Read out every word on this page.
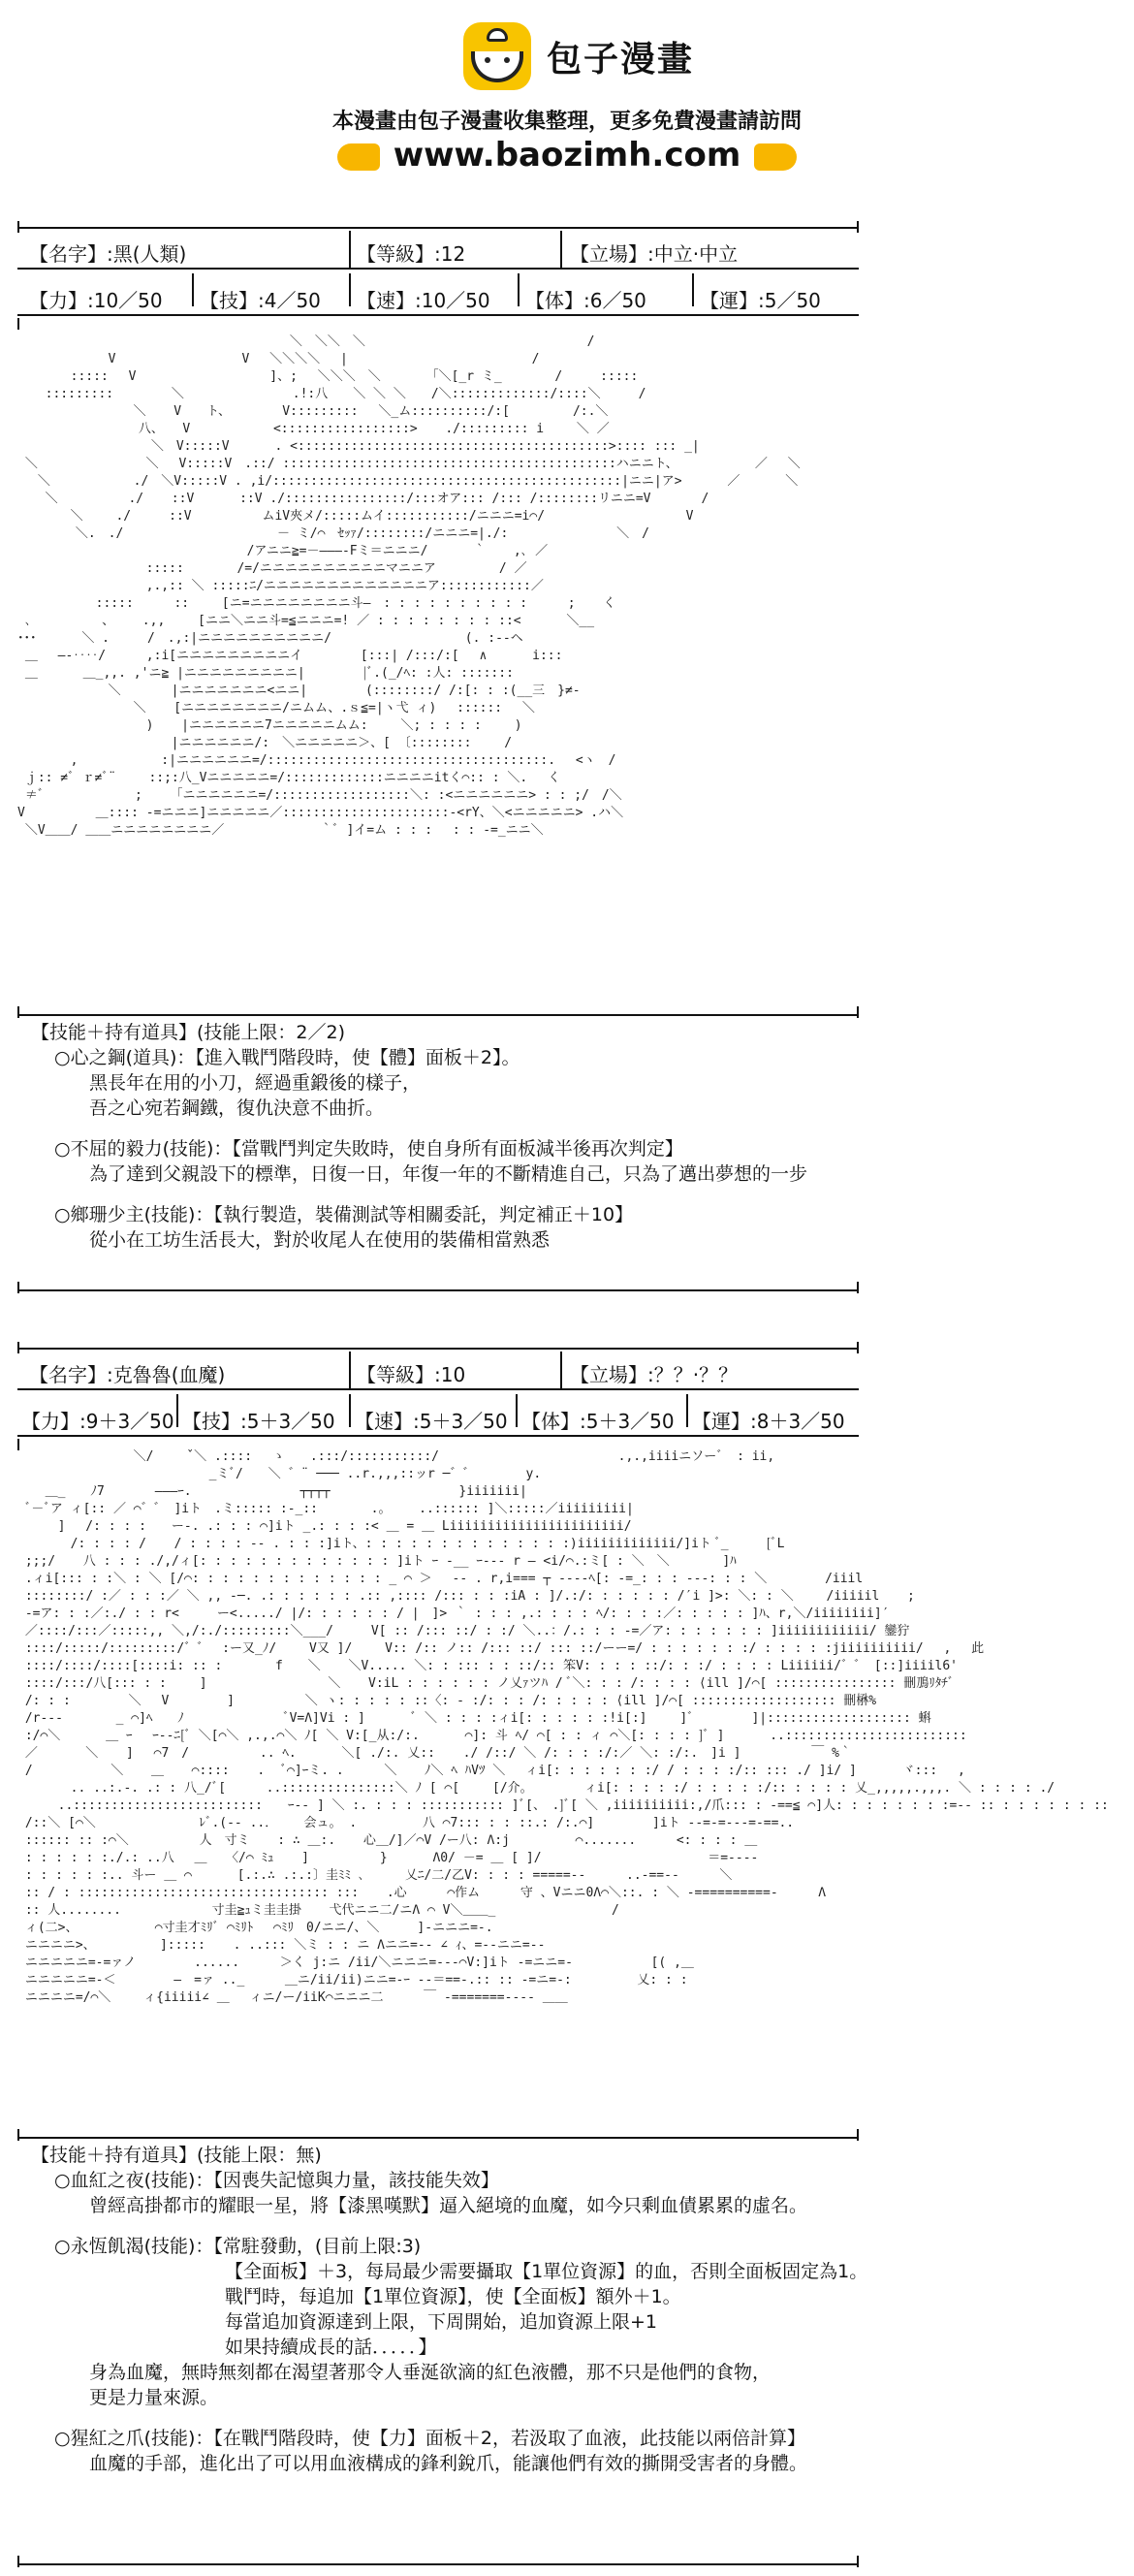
包子漫畫
本漫畫由包子漫畫收集整理，更多免費漫畫請訪問
www.baozimh.com
【名字】:黑(人類)	【等級】:12	【立場】:中立·中立
【力】:10／50 【技】:4／50 【速】:10／50 【体】:6／50	【運】:5／50
　　　　　　　　　　　　　　　　　　　　　＼　＼＼　＼　　　　　　　　　　　　　　　　　 /
　　　　　　 V　　　　　　　　　　V　 ＼＼＼＼　 |　　　　　　　　　　　　　　 /
　　　 ::::: 　V　　　　　　　　　　 ]、; 　＼＼＼　＼　　　 「＼[_r ミ_ 　　　 /　　　:::::
　 ::::::::: 　　　　＼　　　　　　　　 .!:八　　＼ ＼ ＼　　/＼:::::::::::::/::::＼　　　/
　　　　　　　　 ＼ 　 V　　ト、　　　　 V:::::::::　 ＼_ム::::::::::/:[　　　　　/:.＼
　　　　　　　　　八、　　V　　　　　　 <:::::::::::::::::> 　 ./::::::::: i　　 ＼ ／
　　　　　　　　　　＼　V:::::V　　　 . <:::::::::::::::::::::::::::::::::::::::::>:::: ::: _|
＼　　　　　　　　 ＼ 　V:::::V　.::/ ::::::::::::::::::::::::::::::::::::::::::::ハニニト、　　　　　　 ／ 　＼
　＼　　　　　　 ./　＼V:::::V . ,i/::::::::::::::::::::::::::::::::::::::::::::::|ニニ|ア>　　　 ／　　　 ＼
　 ＼　　　　　 ./ 　 ::V　　　 ::V ./::::::::::::::::/:::オア::: /::: /::::::::リニニ=V　　　　/
　　　 ＼　　 ./　　　::V　　　　　 ムiV夾メ/:::::ムイ:::::::::::/ニニニ=i⌒/ 　　　　　　　　　　 V
　　　　＼.　./ 　　　　　　　　　　 　－ ミ/⌒　ｾｯｧ/::::::::/ニニニ=|./:　　　　　　　　 ＼　/
　　　　　　　　　　　　　　　　　 /アニニ≧=－―――‐Fミ＝ニニニ/　　　 ｀ 　 ,､ ／
　　　　　　　　　 ::::: 　　　 /=/ニニニニニニニニニニマニニア　　　　　/ ／
　　　　　　　　　 ,.,:: ＼ :::::ﾆ/ニニニニニニニニニニニニニア::::::::::::／
　　　　　 ::::: 　　 ::　　 [ニ=ニニニニニニニニ斗―　: : : : : : : : : : 　　 ; 　 く
､　　　　　 、 　 .,,　　 [ニニ＼ニニ斗=≦ニニニ=! ／ : : : : : : : : ::<　　　 ＼__
･･･　　　 ＼ .　　　/　.,:|ニニニニニニニニニニ/　　　　　　　　　　 (. :‐-ヘ
＿　 ―-‥‥/ 　　 ,:i[ニニニニニニニニニイ　　　　 [:::| /:::/:[　 ∧　　　 i:::
＿　　　 ＿_,,. ,'ニ≧ |ニニニニニニニニニ|　　　　 |ﾞ.(_/ﾍ: :人: :::::::
　　　　　　 ＼　　　　|ニニニニニニニ<ニニ|　　　　 (::::::::/ /:[: : :(__三　}≠-
　　　　　　　　 ＼ 　 [ニニニニニニニニ/ニムム、.ｓ≦=|ヽ弋 ィ)　 ::::::　 ＼
　　　　　　　　　 ) 　 |ニニニニニニ7ニニニニニムム:　　 ＼; : : : :　　 )
　　　　　　　　　　　 |ニニニニニニ/:　＼ニニニニニ＞、[ 〔::::::::　　 /
　 　　,　　　　　　 :|ニニニニニニ=/:::::::::::::::::::::::::::::::::::::.　 <ヽ　/
ｊ:: ≠ﾞ ｒ≠ﾞ¨　　 ::;:八_Vニニニニニ=/:::::::::::::ニニニニitく⌒:: : ＼.　 く
≠ﾞ　 　　　　　 ; 　 「ニニニニニニ=/::::::::::::::::::＼: :<ニニニニニニ> : : ;/　/＼
V　　　　　 ＿:::: -=ニニニ]ニニニニニ／::::::::::::::::::::::‐<rY、＼<ニニニニニ> .ハ＼
＼V＿＿/ ＿＿ニニニニニニニニ／　　　　　　　 ｀ﾞ ]イ=ム : : :　 : : -=_ニニ＼
【技能＋持有道具】(技能上限：2／2)
○心之鋼(道具)：【進入戰鬥階段時，使【體】面板＋2】。
黑長年在用的小刀，經過重鍛後的樣子，
吾之心宛若鋼鐵，復仇決意不曲折。
○不屈的毅力(技能)：【當戰鬥判定失敗時，使自身所有面板減半後再次判定】
為了達到父親設下的標準，日復一日，年復一年的不斷精進自己，只為了邁出夢想的一步
○鄉珊少主(技能)：【執行製造，裝備測試等相關委託，判定補正＋10】
從小在工坊生活長大，對於收尾人在使用的裝備相當熟悉
【名字】:克魯魯(血魔)	【等級】:10	【立場】:？？·？？
【力】:9＋3／50 【技】:5＋3／50 【速】:5＋3／50 【体】:5＋3／50 【運】:8＋3／50
　　　　　　　　 ＼/　　 ˇ＼ .:::: 　ゝ　　.:::/:::::::::::/ 　　　　　　　　　　　　　 .,.,iiiiニソー゛ : ii,
　　　　　　　　　　　　　　 _ミﾞ/　　＼ ゛¨ ─── ..r.,,,::ッr ─゛゛　　　　y.
　 ＿_　　ﾉ7　　　　―――ｰ.　　　　　　　　 ┬┬┬┬ 　　　　　　　　　 }iiiiiii|
ﾞ－ﾞア ィ[:: ／ ⌒゛゛ ]iト　.ミ::::: :-_:: 　　　 .。 　 ..:::::: ]＼:::::／iiiiiiiii|
　　 ]　 /: : : :　　ー-. .: : : ⌒]iト _.: : : :< ＿ = ＿ Liiiiiiiiiiiiiiiiiiiiiii/
　　　 /: : : : / 　 / : : : : -- . : : :]iト、: : : : : : : : : : : : : :)iiiiiiiiiiiii/]iト ﾞ_　　　[ﾞL
;;;/ 　 八 : : : ./,/ィ[: : : : : : : : : : : : : ]iト ｰ ‐__ ｰ--- r ― <i/⌒.:ミ[ : ＼　＼ 　　　 ]ﾊ
.ィi[::: : :＼ : ＼ [/⌒: : : : : : : : : : : : : _ ⌒ ＞ 　-- . r,i=== ┬ ---‐ﾍ[: -=_: : : ---: : : ＼　　　　 /iiil
::::::::/ :／ : : :／ ＼ ,, -─. .: : : : : : .:: ,:::: /::: : : :iA : ]/.:/: : : : : : /′i ]>: ＼: : ＼　　 /iiiiil 　 ;
-=ア: : :／:./ : : r<　　　ー<...../ |/: : : : : : / |　]> ｀ : : : ,.: : : : ﾍ/: : : :／: : : : : ]ﾊ、r,＼/iiiiiiii]′
／::::/:::／:::::,, ＼,/:./:::::::::＼___/　　　V[ :: /::: ::/ : :/ ＼..：/.: : : -=／ア: : : : : : : ]iiiiiiiiiiii/ 鑾狞
::::/:::::/:::::::::/゛゛　:ー又_ﾉ/　　 V又 ]/　　 V:: /:: ノ:: /::: ::/ ::: ::/ーー=/ : : : : : : :/ : : : : :jiiiiiiiiii/　 ,　 此
::::/::::/::::[::::i: :: :　　 　 f　　＼ 　 ＼V..... ＼: : ::: : : ::/:: 笨V: : : : ::/: : :/ : : : : Liiiiii/゛゛ [::]iiiil6'
::::/:::/八[::: : :　　 ]　　　　　　　　　 ＼ 　 V:iL : : : : : : ノ乂ｧツﾊ / ﾞ＼: : : /: : : : ⟨ill ]/⌒[ :::::::::::::::: 刪鳭ﾘﾀﾁﾞ
/: : :　　　　 ＼　 V　　　　 ]　　　　　 ＼ ヽ: : : : : ::〈: ‐ :/: : : /: : : : : ⟨ill ]/⌒[ ::::::::::::::::::: 刪﻿楙%
/r‐‐‐ 　　　 _ ⌒]ﾍ　　ﾉ 　　　　　　　 ﾞV=Λ]Vi : ]　　　 ﾞ ＼ : : : :ィi[: : : : : :!i[:]　　 ]ﾞ　　　　 ]|::::::::::::::::::: 蝌
:/⌒＼　　　 ＿ ｰ　 ｰ--ﾆ[ﾞ ＼[⌒＼ ,.,.⌒＼ ﾉ[ ＼ V:[_从:/:.　　　 ⌒]: 斗 ﾍ/ ⌒[ : : ィ ⌒＼[: : : : ]ﾞ ]　　　 ..::::::::::::::::::::::::
／ 　 　 ＼ 　 ]　 ⌒7　/　　　　　 .. ﾍ.　　　 ＼[ ./:. 乂:: 　 ./ /::/ ＼ /: : : :/:／ ＼: :/:.　]i ]　　　　　 ￣ %｀
/ 　　　　　 ＼ 　 ＿ 　 ⌒:::: 　 .　 ﾞ⌒]ｰミ. . 　　 ＼ 　 ﾉ＼ ﾍ ﾊVﾂ ＼　 ィi[: : : : : : :/ / : : : :/:: ::: ./ ]i/ ]　　　 ヾ:::　 ,
　　　 .. ..:.-. .: : 八_/ﾞ[ 　　 ..:::::::::::::::＼ ﾉ [ ⌒[　　 [/介。　　　　 ィi[: : : : :/ : : : : :/:: : : : : 乂_,,,,,.,,,. ＼ : : : : ./
　　 ..:::::::::::::::::::::::::　　ｰ-- ] ＼ :. : : : ::::::::::: ]ﾞ[、　.]ﾞ[ ＼ ,iiiiiiiiii:,/爪::: : -==≦ ⌒]人: : : : : : : :=-- :: : : : : : : ::
/::＼ [⌒＼　　　　　　 　 ﾚﾞ.(-- ..．　　 会ュ。 .　 　　　 八 ⌒7::: : : ::.: /:.⌒]　　　　 ]iト --=‐=-‐-=-==..
:::::: :: :⌒＼　　　　　 人　寸ミ 　 : ∴ ＿:. 　 心＿/]／⌒V /ー八: Λ:j 　　　　 ⌒....... 　　 <: : : : ＿
: : : : : :./.: ..八　 ＿　　〈/⌒ ﾐｭ 　 ]　　　　　 }　　　 Λ0/ －= ＿ [ ]/ 　　　　　　　　　　　　 ＝=‐-‐-
: : : : : :.. 斗ー ＿ ⌒　　　 [.:.∴ .:.:〕圭ﾐﾐ ､ 　　 乂ﾆ/二/乙V: : : : =====‐- 　　 ..-==‐- 　　 ＼
:: / : ::::::::::::::::::::::::::::::::: ::: 　 .心 　　 ⌒作ム 　　 守 、Vニニ0Λ⌒＼::. : ＼ -==========‐ 　　 Λ
:: 人........ 　　　　　　 寸圭≧ｭミ圭圭掛 　 弋代ニニ二/ニΛ ⌒ V＼＿＿_ 　　　　　　　　 /
ィ(二>、　　　　　　 ⌒寸圭才ﾐﾘﾞ ⌒ﾐﾘﾄ　 ⌒ﾐﾘ　0/ニニ/、＼　　　]-ニニニ=-.
ニニニニ>、　　　　　 ]::::: 　 . ..::: ＼ミ : : ニ Λニニ=-- ∠ ｨ、=--ニニ=--
ニニニニニ=‐=ァノ　　　　 ...... 　　 ＞く j:ニ /ii/＼ニニニ=---⌒V:]iト -=ニニ=- 　　　　　 [( ,＿
ニニニニニ=‐＜ 　　　　―　=ァ .._ 　　 ＿ニ/ii/ii)ニニ=-ｰ --＝==-.:: :: -=ニ=-: 　　　　 乂: : :
ニニニニ=/⌒＼　　 ィ{iiiii∠ ＿　 ィニ/ー/iiK⌒ニニニ二 　　 ￣ ‐=======---- ＿＿
【技能＋持有道具】(技能上限：無)
○血紅之夜(技能)：【因喪失記憶與力量，該技能失效】
曾經高掛都市的耀眼一星，將【漆黑嘆默】逼入絕境的血魔，如今只剩血債累累的虛名。
○永恆飢渴(技能)：【常駐發動，(目前上限:3)
【全面板】＋3，每局最少需要攝取【1單位資源】的血，否則全面板固定為1。
戰鬥時，每追加【1單位資源】，使【全面板】額外＋1。
每當追加資源達到上限，下周開始，追加資源上限+1
如果持續成長的話．．．．．】
身為血魔，無時無刻都在渴望著那令人垂涎欲滴的紅色液體，那不只是他們的食物，
更是力量來源。
○猩紅之爪(技能)：【在戰鬥階段時，使【力】面板＋2，若汲取了血液，此技能以兩倍計算】
血魔的手部，進化出了可以用血液構成的鋒利銳爪，能讓他們有效的撕開受害者的身體。
